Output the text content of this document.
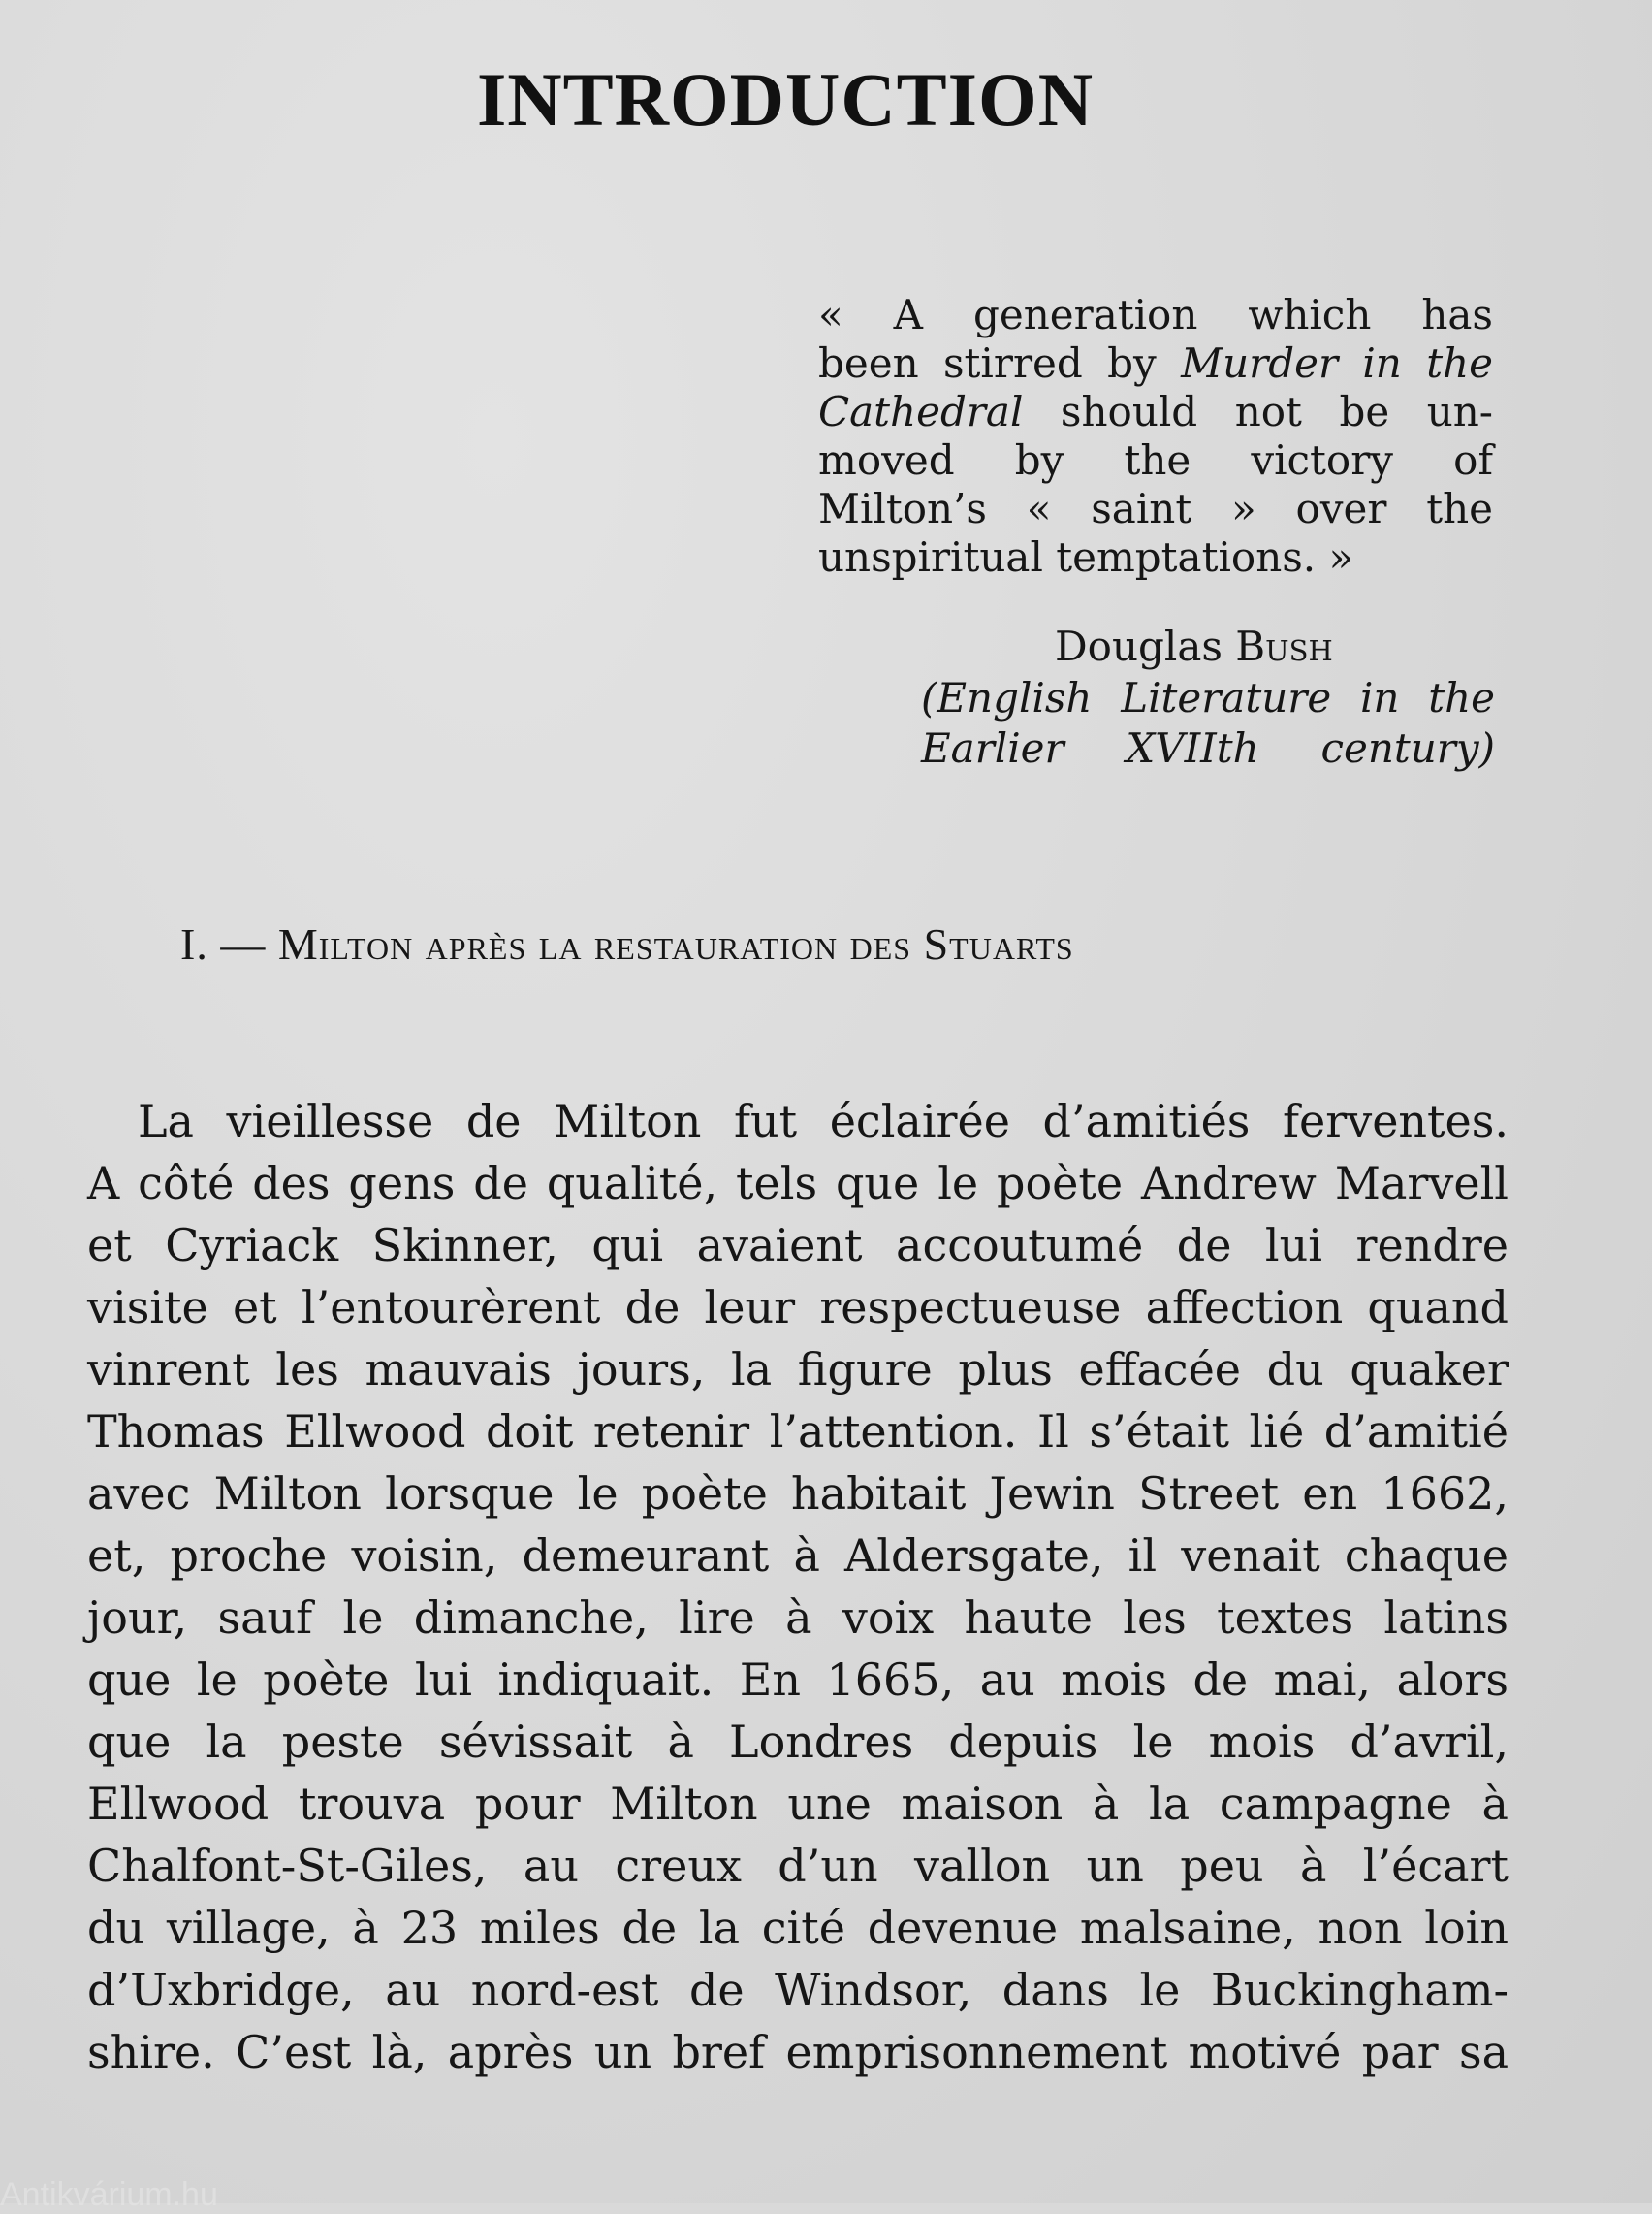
INTRODUCTION
« A generation which has
been stirred by Murder in the
Cathedral should not be un-
moved by the victory of
Milton’s « saint » over the
unspiritual temptations. »
Douglas Bush
(English Literature in the
Earlier XVIIth century)
I. — Milton après la restauration des Stuarts
La vieillesse de Milton fut éclairée d’amitiés ferventes.
A côté des gens de qualité, tels que le poète Andrew Marvell
et Cyriack Skinner, qui avaient accoutumé de lui rendre
visite et l’entourèrent de leur respectueuse affection quand
vinrent les mauvais jours, la figure plus effacée du quaker
Thomas Ellwood doit retenir l’attention. Il s’était lié d’amitié
avec Milton lorsque le poète habitait Jewin Street en 1662,
et, proche voisin, demeurant à Aldersgate, il venait chaque
jour, sauf le dimanche, lire à voix haute les textes latins
que le poète lui indiquait. En 1665, au mois de mai, alors
que la peste sévissait à Londres depuis le mois d’avril,
Ellwood trouva pour Milton une maison à la campagne à
Chalfont-St-Giles, au creux d’un vallon un peu à l’écart
du village, à 23 miles de la cité devenue malsaine, non loin
d’Uxbridge, au nord-est de Windsor, dans le Buckingham-
shire. C’est là, après un bref emprisonnement motivé par sa
Antikvárium.hu
